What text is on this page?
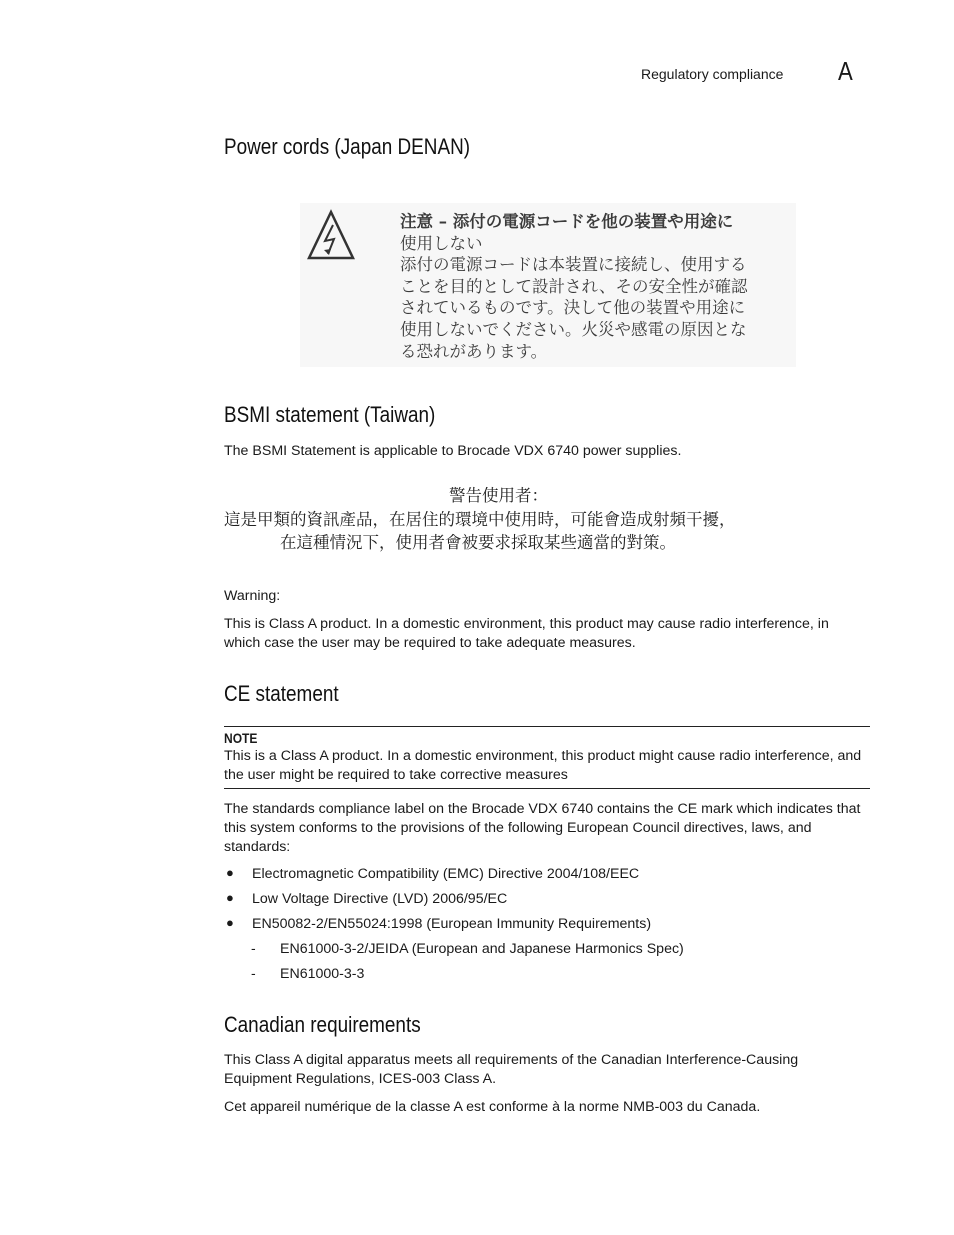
Regulatory compliance A
Power cords (Japan DENAN)
注意 – 添付の電源コードを他の装置や用途に
使用しない
添付の電源コードは本装置に接続し、使用する
ことを目的として設計され、その安全性が確認
されているものです。決して他の装置や用途に
使用しないでください。火災や感電の原因とな
る恐れがあります。
BSMI statement (Taiwan)

The BSMI Statement is applicable to Brocade VDX 6740 power supplies.

警告使用者：
這是甲類的資訊產品，在居住的環境中使用時，可能會造成射頻干擾，
在這種情況下，使用者會被要求採取某些適當的對策。

Warning:

This is Class A product. In a domestic environment, this product may cause radio interference, in which case the user may be required to take adequate measures.

CE statement
NOTE

This is a Class A product. In a domestic environment, this product might cause radio interference, and the user might be required to take corrective measures

The standards compliance label on the Brocade VDX 6740 contains the CE mark which indicates that this system conforms to the provisions of the following European Council directives, laws, and standards:

● Electromagnetic Compatibility (EMC) Directive 2004/108/EEC

● Low Voltage Directive (LVD) 2006/95/EC

● EN50082-2/EN55024:1998 (European Immunity Requirements)

- EN61000-3-2/JEIDA (European and Japanese Harmonics Spec)

- EN61000-3-3

Canadian requirements

This Class A digital apparatus meets all requirements of the Canadian Interference-Causing Equipment Regulations, ICES-003 Class A.

Cet appareil numérique de la classe A est conforme à la norme NMB-003 du Canada.
